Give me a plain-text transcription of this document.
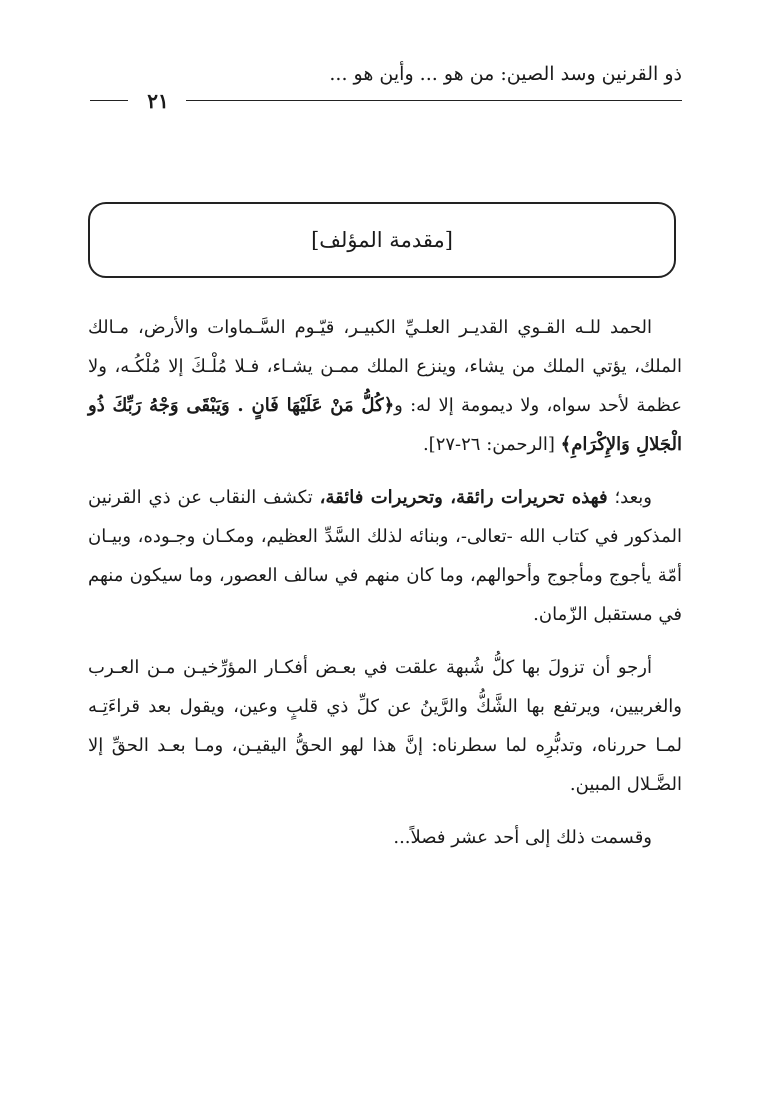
ذو القرنين وسد الصين: من هو ... وأين هو ...
٢١
[مقدمة المؤلف]

الحمد للـه القـوي القديـر العلـيِّ الكبيـر، قيّـوم السَّـماوات والأرض، مـالك الملك، يؤتي الملك من يشاء، وينزع الملك ممـن يشـاء، فـلا مُلْـكَ إلا مُلْكُـه، ولا عظمة لأحد سواه، ولا ديمومة إلا له: و﴿كُلُّ مَنْ عَلَيْهَا فَانٍ . وَيَبْقَى وَجْهُ رَبِّكَ ذُو الْجَلالِ وَالإِكْرَامِ﴾ [الرحمن: ٢٦-٢٧].

وبعد؛ فهذه تحريرات رائقة، وتحريرات فائقة، تكشف النقاب عن ذي القرنين المذكور في كتاب الله -تعالى-، وبنائه لذلك السَّدِّ العظيم، ومكـان وجـوده، وبيـان أمّة يأجوج ومأجوج وأحوالهم، وما كان منهم في سالف العصور، وما سيكون منهم في مستقبل الزّمان.

أرجو أن تزولَ بها كلُّ شُبهة علقت في بعـض أفكـار المؤرِّخيـن مـن العـرب والغربيين، ويرتفع بها الشَّكُّ والرَّينُ عن كلِّ ذي قلبٍ وعين، ويقول بعد قراءَتِـه لمـا حررناه، وتدبُّرِه لما سطرناه: إنَّ هذا لهو الحقُّ اليقيـن، ومـا بعـد الحقِّ إلا الضَّـلال المبين.

وقسمت ذلك إلى أحد عشر فصلاً...
